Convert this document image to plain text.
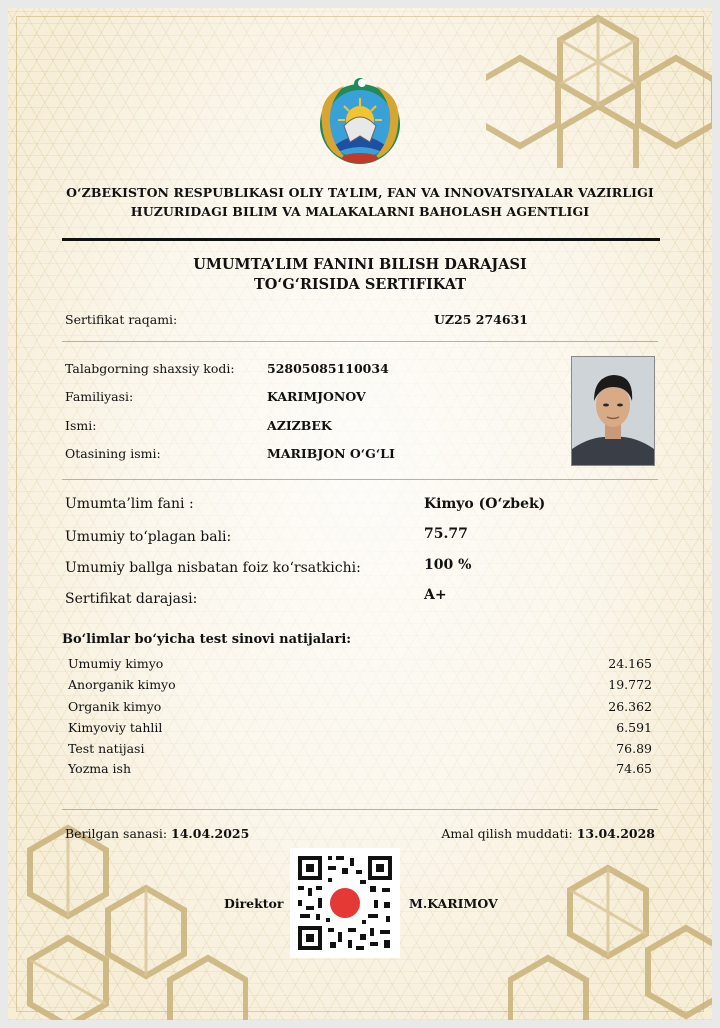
O‘ZBEKISTON RESPUBLIKASI OLIY TA’LIM, FAN VA INNOVATSIYALAR VAZIRLIGI
HUZURIDAGI BILIM VA MALAKALARNI BAHOLASH AGENTLIGI
UMUMTA’LIM FANINI BILISH DARAJASI
TO‘G‘RISIDA SERTIFIKAT
Sertifikat raqami:	UZ25 274631
Talabgorning shaxsiy kodi:	52805085110034
Familiyasi:	KARIMJONOV
Ismi:	AZIZBEK
Otasining ismi:	MARIBJON O‘G‘LI
Umumta’lim fani :	Kimyo (O‘zbek)
Umumiy to‘plagan bali:	75.77
Umumiy ballga nisbatan foiz ko‘rsatkichi:	100 %
Sertifikat darajasi:	A+
Bo‘limlar bo‘yicha test sinovi natijalari:
Umumiy kimyo	24.165
Anorganik kimyo	19.772
Organik kimyo	26.362
Kimyoviy tahlil	6.591
Test natijasi	76.89
Yozma ish	74.65
Berilgan sanasi: 14.04.2025	Amal qilish muddati: 13.04.2028
Direktor	M.KARIMOV
